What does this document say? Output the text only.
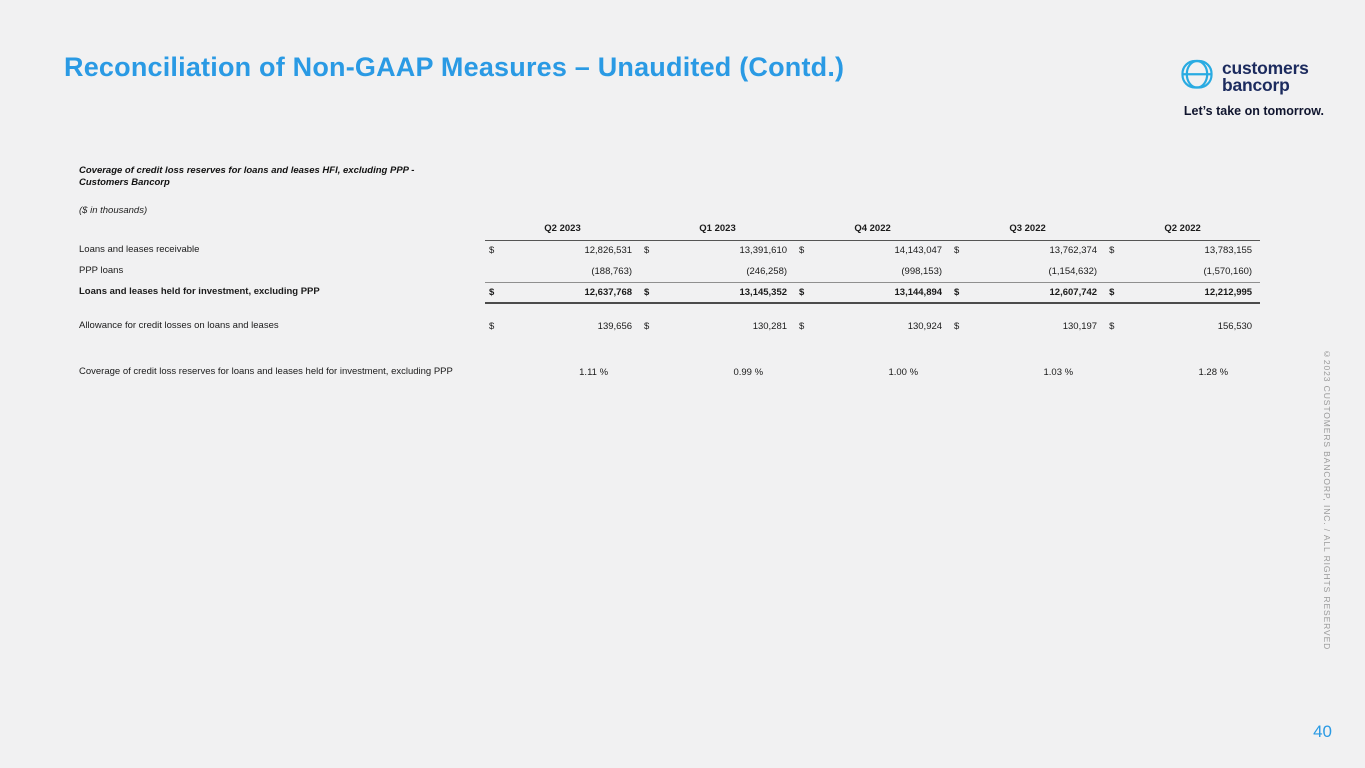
Reconciliation of Non-GAAP Measures – Unaudited (Contd.)	customers
bancorp
Let’s take on tomorrow.
Coverage of credit loss reserves for loans and leases HFI, excluding PPP - Customers Bancorp
($ in thousands)
	Q2 2023		Q1 2023		Q4 2022		Q3 2022		Q2 2022	
Loans and leases receivable	$	12,826,531	$	13,391,610	$	14,143,047	$	13,762,374	$	13,783,155
PPP loans		(188,763)		(246,258)		(998,153)		(1,154,632)		(1,570,160)
Loans and leases held for investment, excluding PPP	$	12,637,768	$	13,145,352	$	13,144,894	$	12,607,742	$	12,212,995

Allowance for credit losses on loans and leases	$	139,656	$	130,281	$	130,924	$	130,197	$	156,530

Coverage of credit loss reserves for loans and leases held for investment, excluding PPP		1.11 %		0.99 %		1.00 %		1.03 %		1.28 %	©2023 CUSTOMERS BANCORP, INC. / ALL RIGHTS RESERVED
40
